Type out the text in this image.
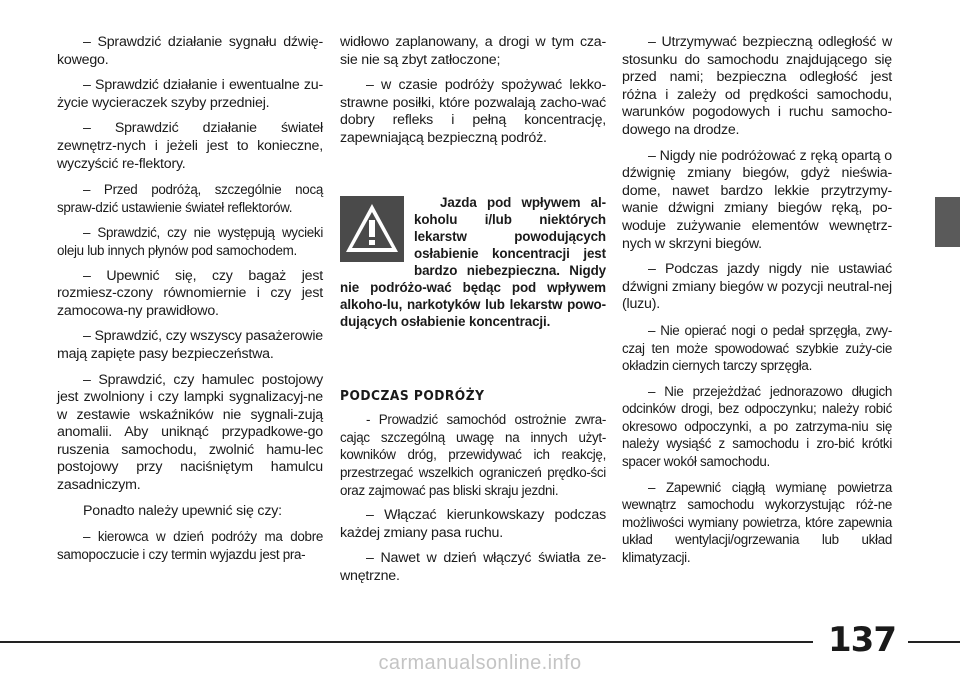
– Sprawdzić działanie sygnału dźwię-kowego.

– Sprawdzić działanie i ewentualne zu-życie wycieraczek szyby przedniej.

– Sprawdzić działanie świateł zewnętrz-nych i jeżeli jest to konieczne, wyczyścić re-flektory.

– Przed podróżą, szczególnie nocą spraw-dzić ustawienie świateł reflektorów.

– Sprawdzić, czy nie występują wycieki oleju lub innych płynów pod samochodem.

– Upewnić się, czy bagaż jest rozmiesz-czony równomiernie i czy jest zamocowa-ny prawidłowo.

– Sprawdzić, czy wszyscy pasażerowie mają zapięte pasy bezpieczeństwa.

– Sprawdzić, czy hamulec postojowy jest zwolniony i czy lampki sygnalizacyj-ne w zestawie wskaźników nie sygnali-zują anomalii. Aby uniknąć przypadkowe-go ruszenia samochodu, zwolnić hamu-lec postojowy przy naciśniętym hamulcu zasadniczym.

Ponadto należy upewnić się czy:

– kierowca w dzień podróży ma dobre samopoczucie i czy termin wyjazdu jest pra-

widłowo zaplanowany, a drogi w tym cza-sie nie są zbyt zatłoczone;

– w czasie podróży spożywać lekko-strawne posiłki, które pozwalają zacho-wać dobry refleks i pełną koncentrację, zapewniającą bezpieczną podróż.

Jazda pod wpływem al-koholu i/lub niektórych lekarstw powodujących osłabienie koncentracji jest bardzo niebezpieczna. Nigdy nie podróżo-wać będąc pod wpływem alkoho-lu, narkotyków lub lekarstw powo-dujących osłabienie koncentracji.

PODCZAS PODRÓŻY

- Prowadzić samochód ostrożnie zwra-cając szczególną uwagę na innych użyt-kowników dróg, przewidywać ich reakcję, przestrzegać wszelkich ograniczeń prędko-ści oraz zajmować pas bliski skraju jezdni.

– Włączać kierunkowskazy podczas każdej zmiany pasa ruchu.

– Nawet w dzień włączyć światła ze-wnętrzne.

– Utrzymywać bezpieczną odległość w stosunku do samochodu znajdującego się przed nami; bezpieczna odległość jest różna i zależy od prędkości samochodu, warunków pogodowych i ruchu samocho-dowego na drodze.

– Nigdy nie podróżować z ręką opartą o dźwignię zmiany biegów, gdyż nieświa-dome, nawet bardzo lekkie przytrzymy-wanie dźwigni zmiany biegów ręką, po-woduje zużywanie elementów wewnętrz-nych w skrzyni biegów.

– Podczas jazdy nigdy nie ustawiać dźwigni zmiany biegów w pozycji neutral-nej (luzu).

– Nie opierać nogi o pedał sprzęgła, zwy-czaj ten może spowodować szybkie zuży-cie okładzin ciernych tarczy sprzęgła.

– Nie przejeżdżać jednorazowo długich odcinków drogi, bez odpoczynku; należy robić okresowo odpoczynki, a po zatrzyma-niu się należy wysiąść z samochodu i zro-bić krótki spacer wokół samochodu.

– Zapewnić ciągłą wymianę powietrza wewnątrz samochodu wykorzystując róż-ne możliwości wymiany powietrza, które zapewnia układ wentylacji/ogrzewania lub układ klimatyzacji.

137
carmanualsonline.info
